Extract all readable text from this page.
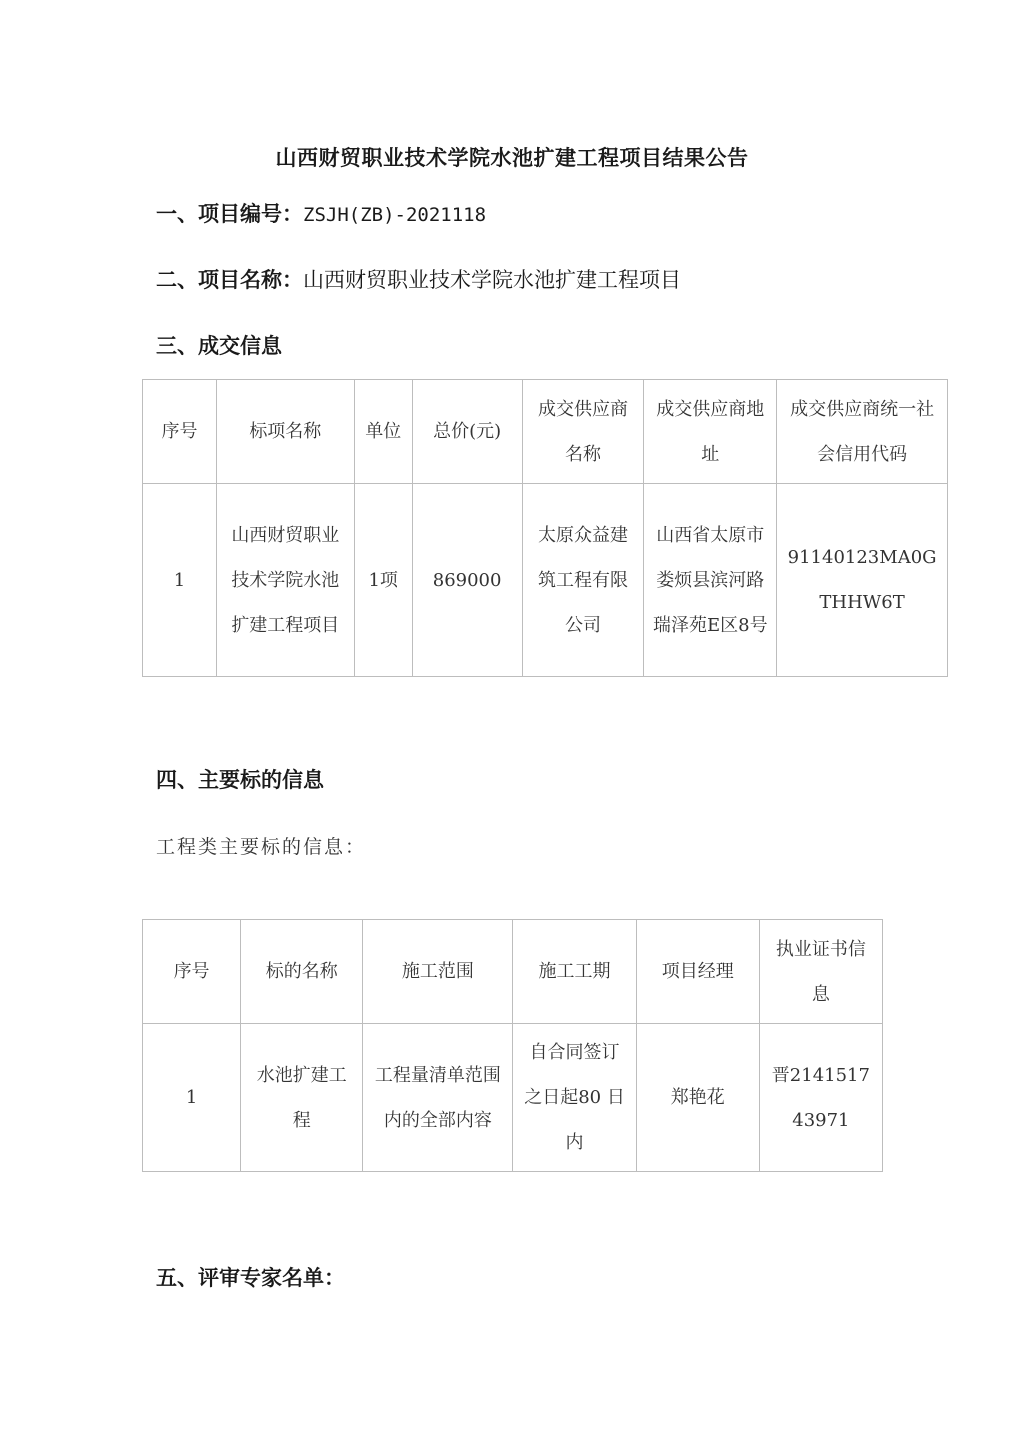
山西财贸职业技术学院水池扩建工程项目结果公告
一、项目编号：ZSJH(ZB)-2021118
二、项目名称：山西财贸职业技术学院水池扩建工程项目
三、成交信息
序号	标项名称	单位	总价(元)	成交供应商名称	成交供应商地址	成交供应商统一社会信用代码
1	山西财贸职业技术学院水池扩建工程项目	1项	869000	太原众益建筑工程有限公司	山西省太原市娄烦县滨河路瑞泽苑E区8号	91140123MA0GTHHW6T
四、主要标的信息
工程类主要标的信息：
序号	标的名称	施工范围	施工工期	项目经理	执业证书信息
1	水池扩建工程	工程量清单范围内的全部内容	自合同签订之日起80 日内	郑艳花	晋214151743971
五、评审专家名单：
